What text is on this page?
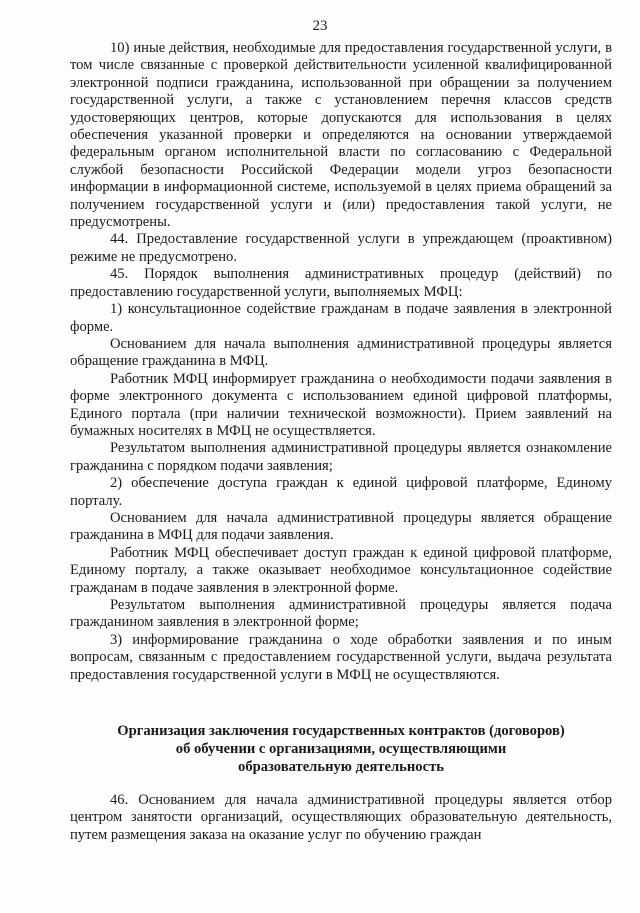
23

10) иные действия, необходимые для предоставления государственной услуги, в том числе связанные с проверкой действительности усиленной квалифицированной электронной подписи гражданина, использованной при обращении за получением государственной услуги, а также с установлением перечня классов средств удостоверяющих центров, которые допускаются для использования в целях обеспечения указанной проверки и определяются на основании утверждаемой федеральным органом исполнительной власти по согласованию с Федеральной службой безопасности Российской Федерации модели угроз безопасности информации в информационной системе, используемой в целях приема обращений за получением государственной услуги и (или) предоставления такой услуги, не предусмотрены.

44. Предоставление государственной услуги в упреждающем (проактивном) режиме не предусмотрено.

45. Порядок выполнения административных процедур (действий) по предоставлению государственной услуги, выполняемых МФЦ:

1) консультационное содействие гражданам в подаче заявления в электронной форме.

Основанием для начала выполнения административной процедуры является обращение гражданина в МФЦ.

Работник МФЦ информирует гражданина о необходимости подачи заявления в форме электронного документа с использованием единой цифровой платформы, Единого портала (при наличии технической возможности). Прием заявлений на бумажных носителях в МФЦ не осуществляется.

Результатом выполнения административной процедуры является ознакомление гражданина с порядком подачи заявления;

2) обеспечение доступа граждан к единой цифровой платформе, Единому порталу.

Основанием для начала административной процедуры является обращение гражданина в МФЦ для подачи заявления.

Работник МФЦ обеспечивает доступ граждан к единой цифровой платформе, Единому порталу, а также оказывает необходимое консультационное содействие гражданам в подаче заявления в электронной форме.

Результатом выполнения административной процедуры является подача гражданином заявления в электронной форме;

3) информирование гражданина о ходе обработки заявления и по иным вопросам, связанным с предоставлением государственной услуги, выдача результата предоставления государственной услуги в МФЦ не осуществляются.

Организация заключения государственных контрактов (договоров)
об обучении с организациями, осуществляющими
образовательную деятельность

46. Основанием для начала административной процедуры является отбор центром занятости организаций, осуществляющих образовательную деятельность, путем размещения заказа на оказание услуг по обучению граждан
